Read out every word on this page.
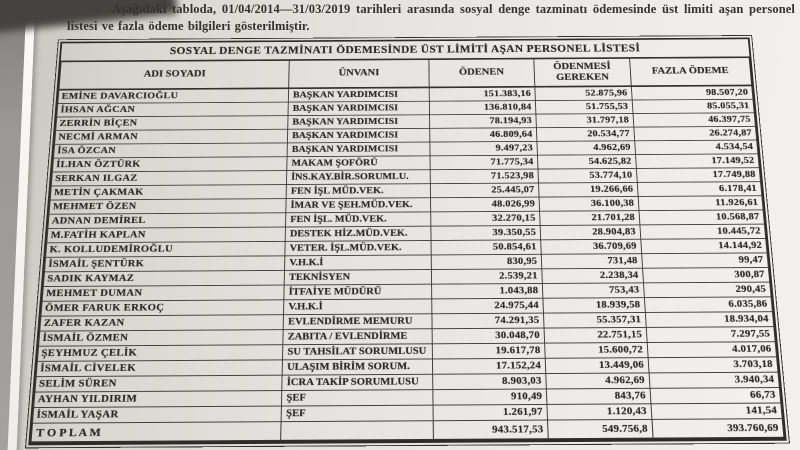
Aşağıdaki tabloda, 01/04/2014—31/03/2019 tarihleri arasında sosyal denge tazminatı ödemesinde üst limiti aşan personel listesi ve fazla ödeme bilgileri gösterilmiştir.

SOSYAL DENGE TAZMİNATI ÖDEMESİNDE ÜST LİMİTİ AŞAN PERSONEL LİSTESİ
ADI SOYADI	ÜNVANI	ÖDENEN	ÖDENMESİ GEREKEN	FAZLA ÖDEME
EMİNE DAVARCIOĞLU	BAŞKAN YARDIMCISI	151.383,16	52.875,96	98.507,20
İHSAN AĞCAN	BAŞKAN YARDIMCISI	136.810,84	51.755,53	85.055,31
ZERRİN BİÇEN	BAŞKAN YARDIMCISI	78.194,93	31.797,18	46.397,75
NECMİ ARMAN	BAŞKAN YARDIMCISI	46.809,64	20.534,77	26.274,87
İSA ÖZCAN	BAŞKAN YARDIMCISI	9.497,23	4.962,69	4.534,54
İLHAN ÖZTÜRK	MAKAM ŞOFÖRÜ	71.775,34	54.625,82	17.149,52
SERKAN ILGAZ	İNS.KAY.BİR.SORUMLU.	71.523,98	53.774,10	17.749,88
METİN ÇAKMAK	FEN İŞL MÜD.VEK.	25.445,07	19.266,66	6.178,41
MEHMET ÖZEN	İMAR VE ŞEH.MÜD.VEK.	48.026,99	36.100,38	11.926,61
ADNAN DEMİREL	FEN İŞL. MÜD.VEK.	32.270,15	21.701,28	10.568,87
M.FATİH KAPLAN	DESTEK HİZ.MÜD.VEK.	39.350,55	28.904,83	10.445,72
K. KOLLUDEMİROĞLU	VETER. İŞL.MÜD.VEK.	50.854,61	36.709,69	14.144,92
İSMAİL ŞENTÜRK	V.H.K.İ	830,95	731,48	99,47
SADIK KAYMAZ	TEKNİSYEN	2.539,21	2.238,34	300,87
MEHMET DUMAN	İTFAİYE MÜDÜRÜ	1.043,88	753,43	290,45
ÖMER FARUK ERKOÇ	V.H.K.İ	24.975,44	18.939,58	6.035,86
ZAFER KAZAN	EVLENDİRME MEMURU	74.291,35	55.357,31	18.934,04
İSMAİL ÖZMEN	ZABITA / EVLENDİRME	30.048,70	22.751,15	7.297,55
ŞEYHMUZ ÇELİK	SU TAHSİLAT SORUMLUSU	19.617,78	15.600,72	4.017,06
İSMAİL CİVELEK	ULAŞIM BİRİM SORUM.	17.152,24	13.449,06	3.703,18
SELİM SÜREN	İCRA TAKİP SORUMLUSU	8.903,03	4.962,69	3.940,34
AYHAN YILDIRIM	ŞEF	910,49	843,76	66,73
İSMAİL YAŞAR	ŞEF	1.261,97	1.120,43	141,54
T O P L A M		943.517,53	549.756,8	393.760,69
